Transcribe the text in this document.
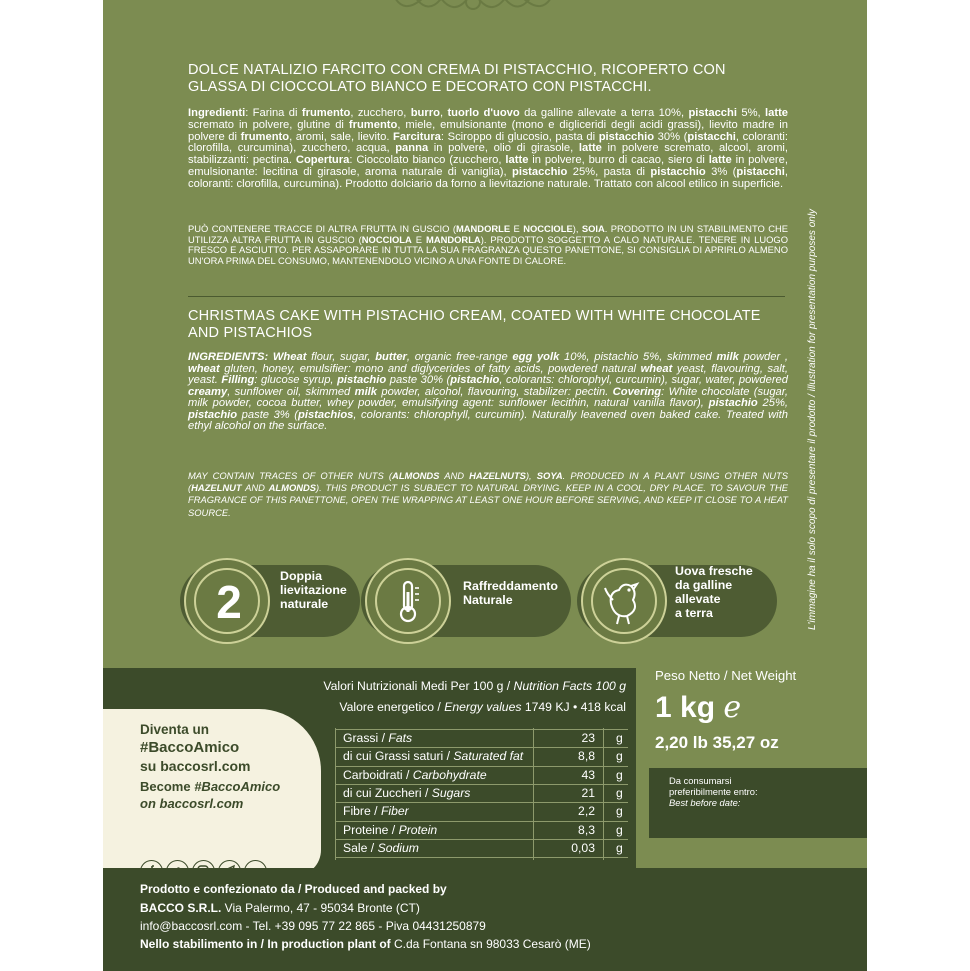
DOLCE NATALIZIO FARCITO CON CREMA DI PISTACCHIO, RICOPERTO CON GLASSA DI CIOCCOLATO BIANCO E DECORATO CON PISTACCHI.
Ingredienti: Farina di frumento, zucchero, burro, tuorlo d'uovo da galline allevate a terra 10%, pistacchi 5%, latte scremato in polvere, glutine di frumento, miele, emulsionante (mono e digliceridi degli acidi grassi), lievito madre in polvere di frumento, aromi, sale, lievito. Farcitura: Sciroppo di glucosio, pasta di pistacchio 30% (pistacchi, coloranti: clorofilla, curcumina), zucchero, acqua, panna in polvere, olio di girasole, latte in polvere scremato, alcool, aromi, stabilizzanti: pectina. Copertura: Cioccolato bianco (zucchero, latte in polvere, burro di cacao, siero di latte in polvere, emulsionante: lecitina di girasole, aroma naturale di vaniglia), pistacchio 25%, pasta di pistacchio 3% (pistacchi, coloranti: clorofilla, curcumina). Prodotto dolciario da forno a lievitazione naturale. Trattato con alcool etilico in superficie.
PUÒ CONTENERE TRACCE DI ALTRA FRUTTA IN GUSCIO (MANDORLE E NOCCIOLE), SOIA. PRODOTTO IN UN STABILIMENTO CHE UTILIZZA ALTRA FRUTTA IN GUSCIO (NOCCIOLA E MANDORLA). PRODOTTO SOGGETTO A CALO NATURALE. TENERE IN LUOGO FRESCO E ASCIUTTO. PER ASSAPORARE IN TUTTA LA SUA FRAGRANZA QUESTO PANETTONE, SI CONSIGLIA DI APRIRLO ALMENO UN'ORA PRIMA DEL CONSUMO, MANTENENDOLO VICINO A UNA FONTE DI CALORE.
CHRISTMAS CAKE WITH PISTACHIO CREAM, COATED WITH WHITE CHOCOLATE AND PISTACHIOS
INGREDIENTS: Wheat flour, sugar, butter, organic free-range egg yolk 10%, pistachio 5%, skimmed milk powder , wheat gluten, honey, emulsifier: mono and diglycerides of fatty acids, powdered natural wheat yeast, flavouring, salt, yeast. Filling: glucose syrup, pistachio paste 30% (pistachio, colorants: chlorophyl, curcumin), sugar, water, powdered creamy, sunflower oil, skimmed milk powder, alcohol, flavouring, stabilizer: pectin. Covering: White chocolate (sugar, milk powder, cocoa butter, whey powder, emulsifying agent: sunflower lecithin, natural vanilla flavor), pistachio 25%, pistachio paste 3% (pistachios, colorants: chlorophyll, curcumin). Naturally leavened oven baked cake. Treated with ethyl alcohol on the surface.
MAY CONTAIN TRACES OF OTHER NUTS (ALMONDS AND HAZELNUTS), SOYA. PRODUCED IN A PLANT USING OTHER NUTS (HAZELNUT AND ALMONDS). THIS PRODUCT IS SUBJECT TO NATURAL DRYING. KEEP IN A COOL, DRY PLACE. TO SAVOUR THE FRAGRANCE OF THIS PANETTONE, OPEN THE WRAPPING AT LEAST ONE HOUR BEFORE SERVING, AND KEEP IT CLOSE TO A HEAT SOURCE.	L'immagine ha il solo scopo di presentare il prodotto / illustration for presentation purposes only
2	Doppia
lievitazione
naturale
Raffreddamento
Naturale
Uova fresche
da galline
allevate
a terra
Valori Nutrizionali Medi Per 100 g / Nutrition Facts 100 g
Valore energetico / Energy values 1749 KJ • 418 kcal
Diventa un
#BaccoAmico
su baccosrl.com
Become #BaccoAmico
on baccosrl.com
Grassi / Fats	23 g
di cui Grassi saturi / Saturated fat	8,8 g
Carboidrati / Carbohydrate	43 g
di cui Zuccheri / Sugars	21 g
Fibre / Fiber	2,2 g
Proteine / Protein	8,3 g
Sale / Sodium	0,03 g
Peso Netto / Net Weight
1 kg e
2,20 lb 35,27 oz
Da consumarsi
preferibilmente entro:
Best before date:
Prodotto e confezionato da / Produced and packed by
BACCO S.R.L. Via Palermo, 47 - 95034 Bronte (CT)
info@baccosrl.com - Tel. +39 095 77 22 865 - Piva 04431250879
Nello stabilimento in / In production plant of C.da Fontana sn 98033 Cesarò (ME)
